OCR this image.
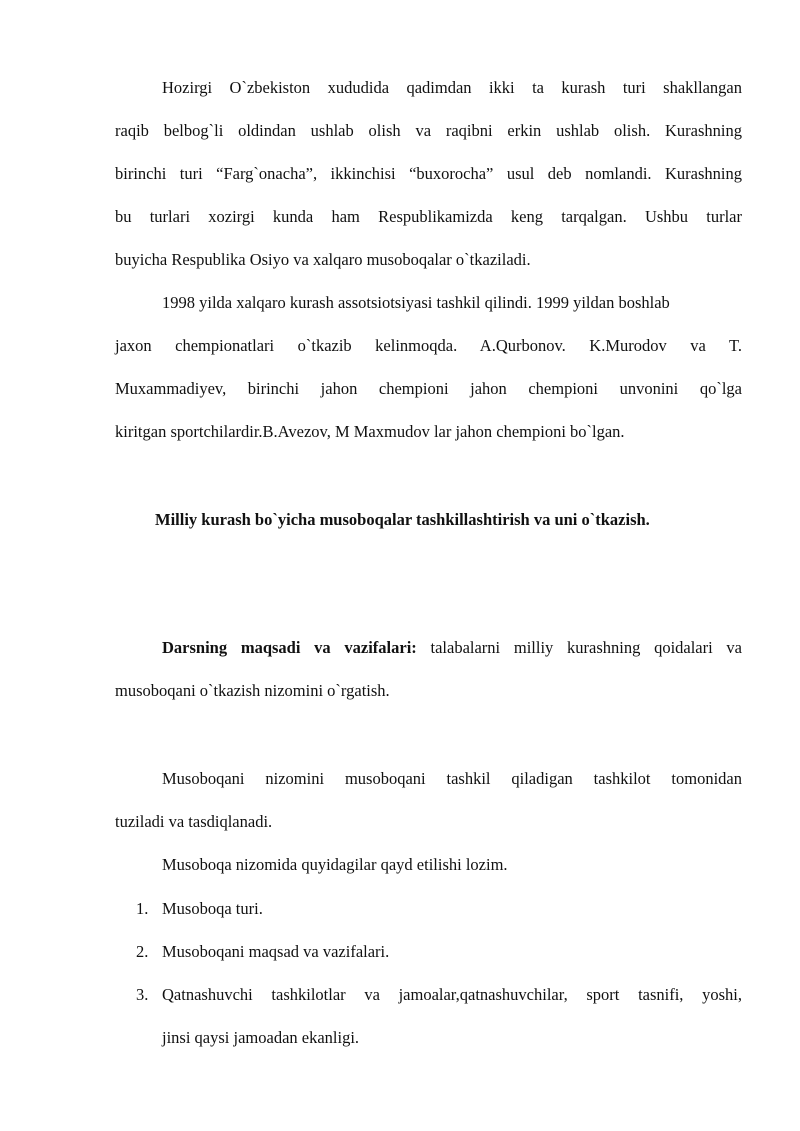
Hozirgi O`zbekiston xududida qadimdan ikki ta kurash turi shakllangan
raqib belbog`li oldindan ushlab olish va raqibni erkin ushlab olish. Kurashning
birinchi turi “Farg`onacha”, ikkinchisi “buxorocha” usul deb nomlandi. Kurashning
bu turlari xozirgi kunda ham Respublikamizda keng tarqalgan. Ushbu turlar
buyicha Respublika Osiyo va xalqaro musoboqalar o`tkaziladi.
1998 yilda xalqaro kurash assotsiotsiyasi tashkil qilindi. 1999 yildan boshlab
jaxon chempionatlari o`tkazib kelinmoqda. A.Qurbonov. K.Murodov va T.
Muxammadiyev, birinchi jahon chempioni jahon chempioni unvonini qo`lga
kiritgan sportchilardir.B.Avezov, M Maxmudov lar jahon chempioni bo`lgan.
Milliy kurash bo`yicha musoboqalar tashkillashtirish va uni o`tkazish.
Darsning maqsadi va vazifalari: talabalarni milliy kurashning qoidalari va
musoboqani o`tkazish nizomini o`rgatish.
Musoboqani nizomini musoboqani tashkil qiladigan tashkilot tomonidan
tuziladi va tasdiqlanadi.
Musoboqa nizomida quyidagilar qayd etilishi lozim.
1. Musoboqa turi.
2. Musoboqani maqsad va vazifalari.
3. Qatnashuvchi tashkilotlar va jamoalar,qatnashuvchilar, sport tasnifi, yoshi,
jinsi qaysi jamoadan ekanligi.
